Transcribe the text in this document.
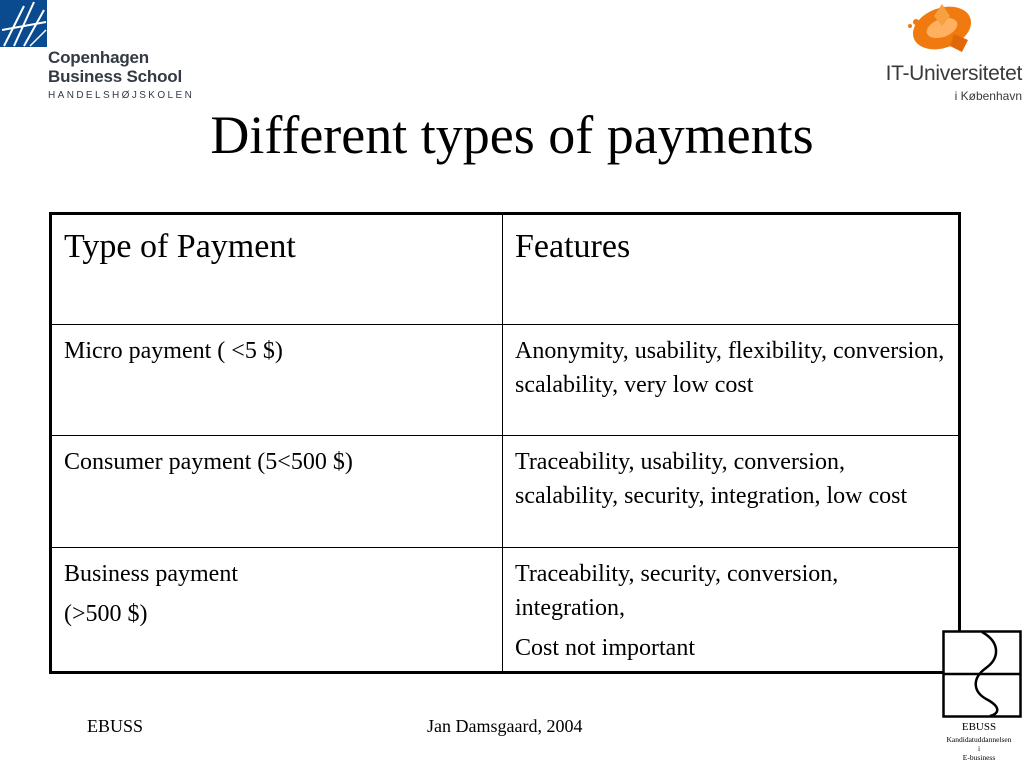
Copenhagen
Business School
HANDELSHØJSKOLEN
IT-Universitetet
i København
Different types of payments
Type of Payment	Features

Micro payment ( <5 $)	Anonymity, usability, flexibility, conversion, scalability, very low cost

Consumer payment (5<500 $)	Traceability, usability, conversion, scalability, security, integration, low cost

Business payment
(>500 $)	Traceability, security, conversion, integration,
Cost not important
EBUSS	Jan Damsgaard, 2004	EBUSS
Kandidatuddannelsen
i
E-business
